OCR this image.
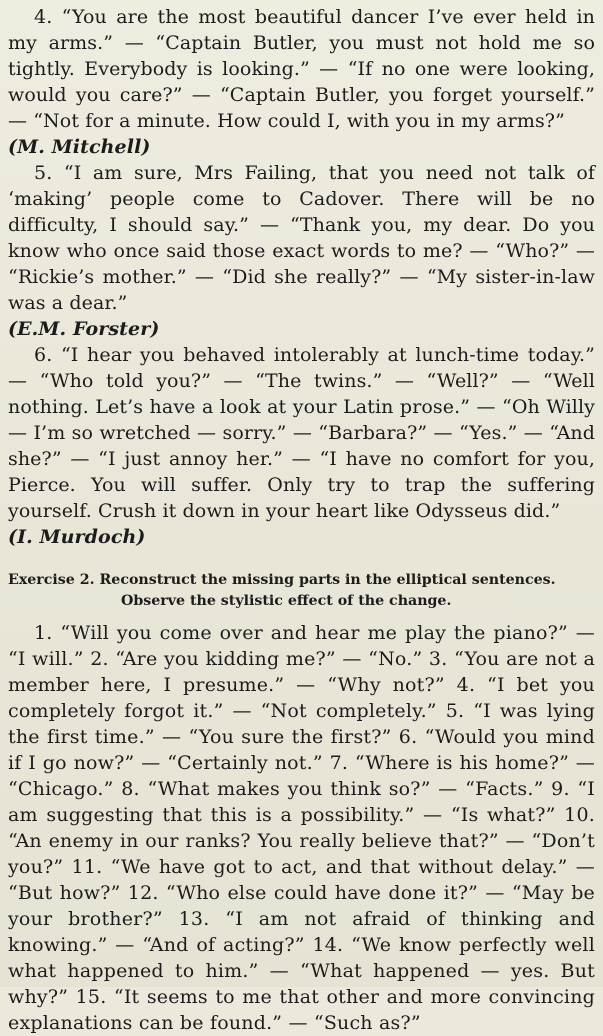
4. “You are the most beautiful dancer I’ve ever held in my arms.” — “Captain Butler, you must not hold me so tightly. Everybody is looking.” — “If no one were looking, would you care?” — “Captain Butler, you forget yourself.” — “Not for a minute. How could I, with you in my arms?”
(M. Mitchell)

5. “I am sure, Mrs Failing, that you need not talk of ‘making’ people come to Cadover. There will be no difficulty, I should say.” — “Thank you, my dear. Do you know who once said those exact words to me? — “Who?” — “Rickie’s mother.” — “Did she really?” — “My sister-in-law was a dear.”
(E.M. Forster)

6. “I hear you behaved intolerably at lunch-time today.” — “Who told you?” — “The twins.” — “Well?” — “Well nothing. Let’s have a look at your Latin prose.” — “Oh Willy — I’m so wretched — sorry.” — “Barbara?” — “Yes.” — “And she?” — “I just annoy her.” — “I have no comfort for you, Pierce. You will suffer. Only try to trap the suffering yourself. Crush it down in your heart like Odysseus did.”
(I. Murdoch)

Exercise 2. Reconstruct the missing parts in the elliptical sentences.
Observe the stylistic effect of the change.

1. “Will you come over and hear me play the piano?” — “I will.” 2. “Are you kidding me?” — “No.” 3. “You are not a member here, I presume.” — “Why not?” 4. “I bet you completely forgot it.” — “Not completely.” 5. “I was lying the first time.” — “You sure the first?” 6. “Would you mind if I go now?” — “Certainly not.” 7. “Where is his home?” — “Chicago.” 8. “What makes you think so?” — “Facts.” 9. “I am suggesting that this is a possibility.” — “Is what?” 10. “An enemy in our ranks? You really believe that?” — “Don’t you?” 11. “We have got to act, and that without delay.” — “But how?” 12. “Who else could have done it?” — “May be your brother?” 13. “I am not afraid of thinking and knowing.” — “And of acting?” 14. “We know perfectly well what happened to him.” — “What happened — yes. But why?” 15. “It seems to me that other and more convincing explanations can be found.” — “Such as?”
